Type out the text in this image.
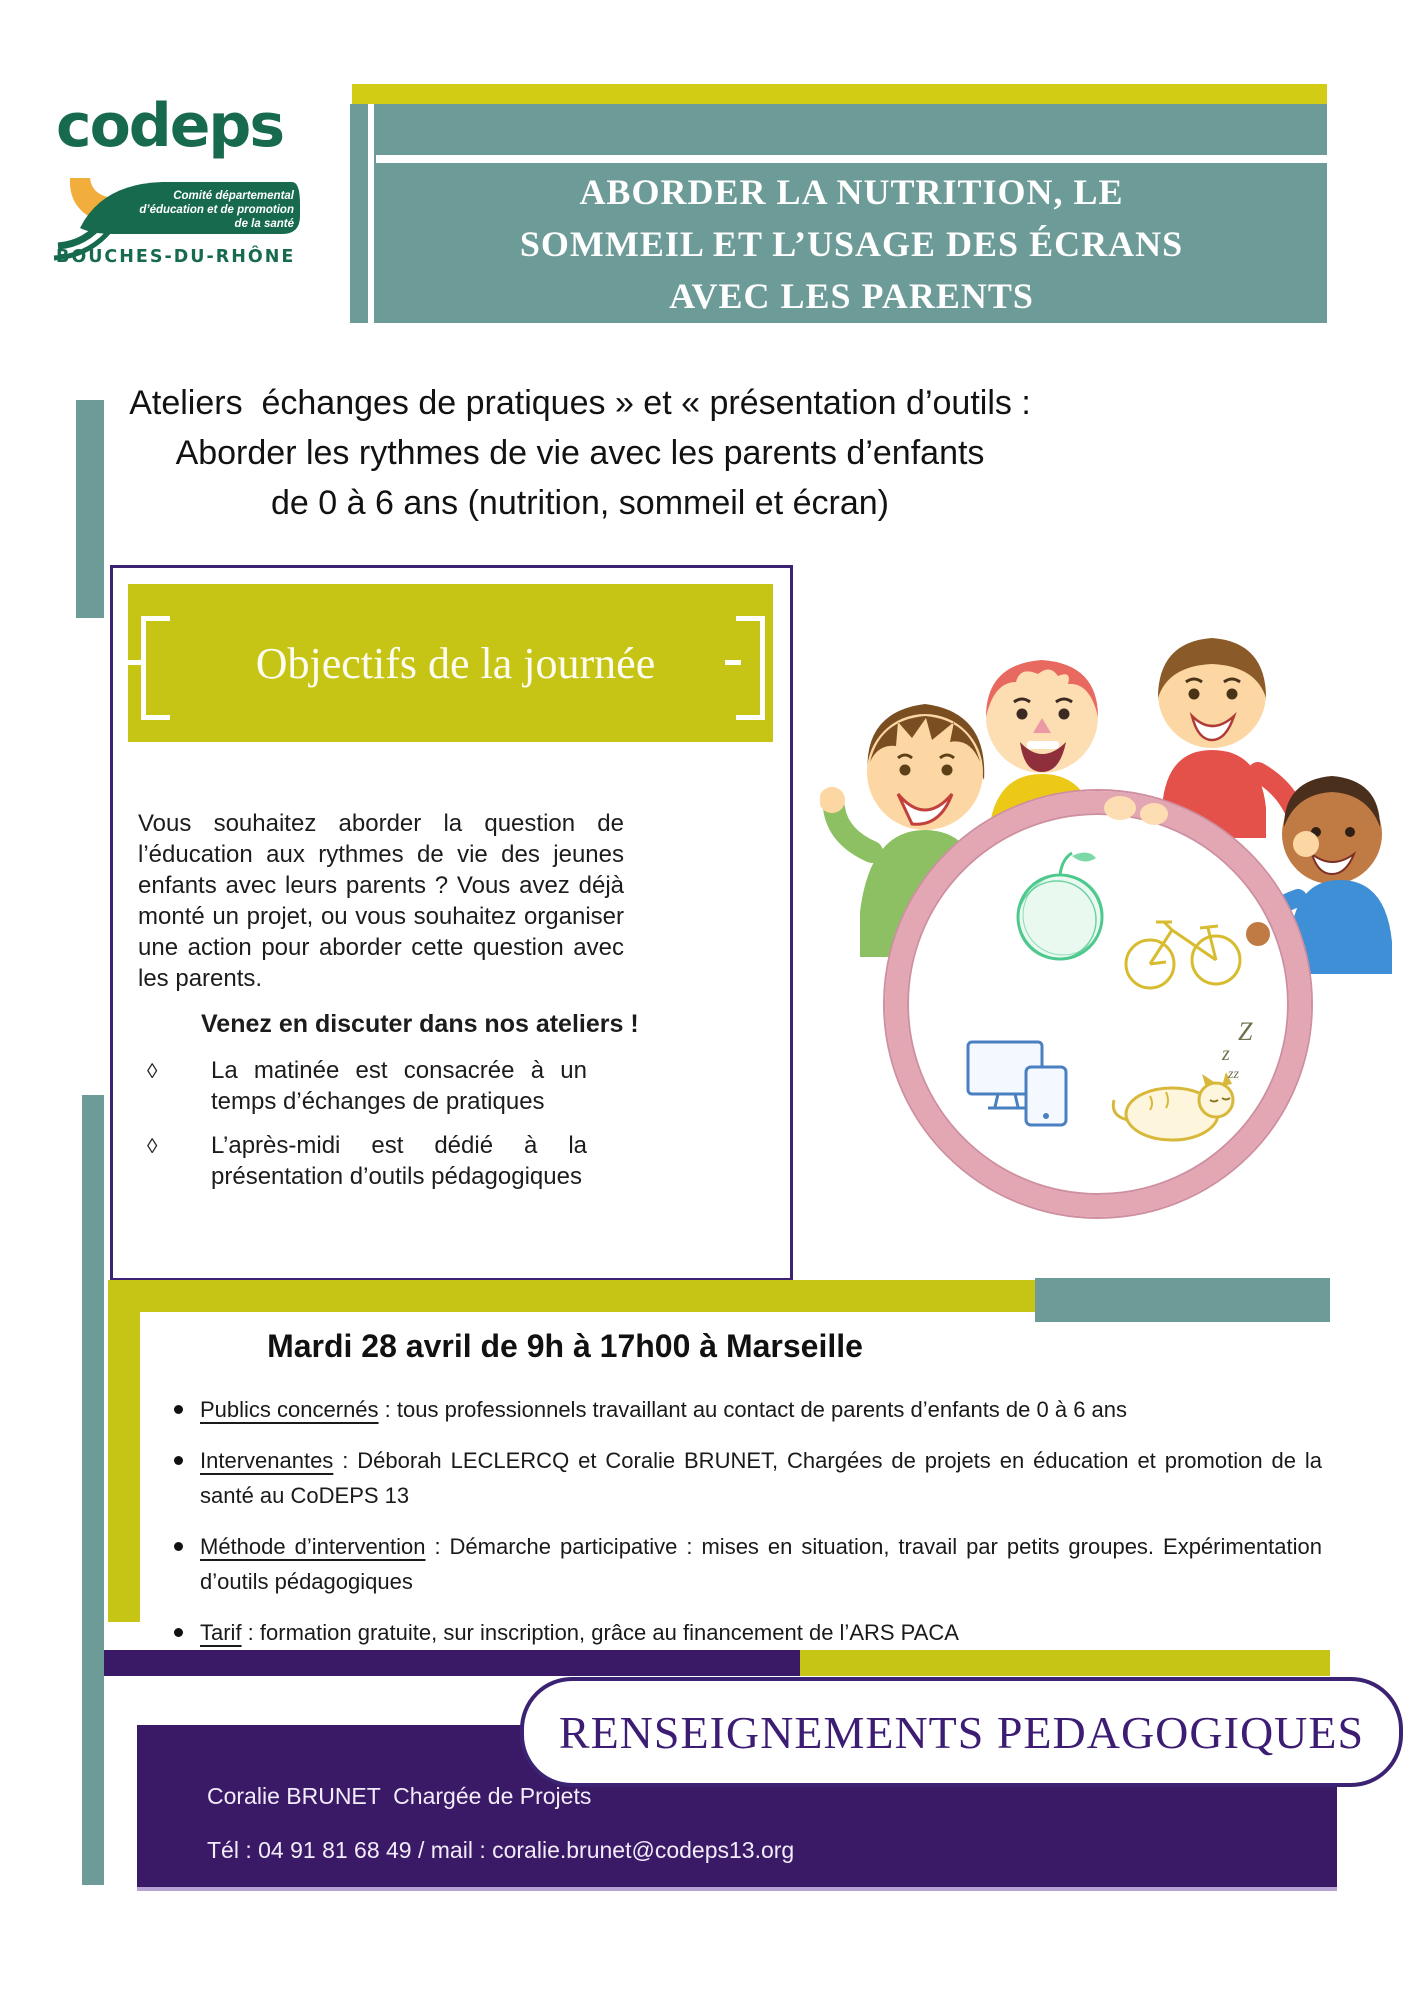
codeps
Comité départemental
d’éducation et de promotion
de la santé
BOUCHES-DU-RHÔNE
ABORDER LA NUTRITION, LE
SOMMEIL ET L’USAGE DES ÉCRANS
AVEC LES PARENTS
Ateliers  échanges de pratiques » et « présentation d’outils :
Aborder les rythmes de vie avec les parents d’enfants
de 0 à 6 ans (nutrition, sommeil et écran)
Objectifs de la journée
Vous souhaitez aborder la question de l’éducation aux rythmes de vie des jeunes enfants avec leurs parents ? Vous avez déjà monté un projet, ou vous souhaitez organiser une action pour aborder cette question avec les parents.
Venez en discuter dans nos ateliers !
◊ La matinée est consacrée à un temps d’échanges de pratiques
◊ L’après-midi est dédié à la présentation d’outils pédagogiques
z
Z
zz
Mardi 28 avril de 9h à 17h00 à Marseille
Publics concernés : tous professionnels travaillant au contact de parents d’enfants de 0 à 6 ans
Intervenantes : Déborah LECLERCQ et Coralie BRUNET, Chargées de projets en éducation et promotion de la santé au CoDEPS 13
Méthode d’intervention : Démarche participative : mises en situation, travail par petits groupes. Expérimentation d’outils pédagogiques
Tarif : formation gratuite, sur inscription, grâce au financement de l’ARS PACA
Coralie BRUNET  Chargée de Projets
Tél : 04 91 81 68 49 / mail : coralie.brunet@codeps13.org
RENSEIGNEMENTS PEDAGOGIQUES
